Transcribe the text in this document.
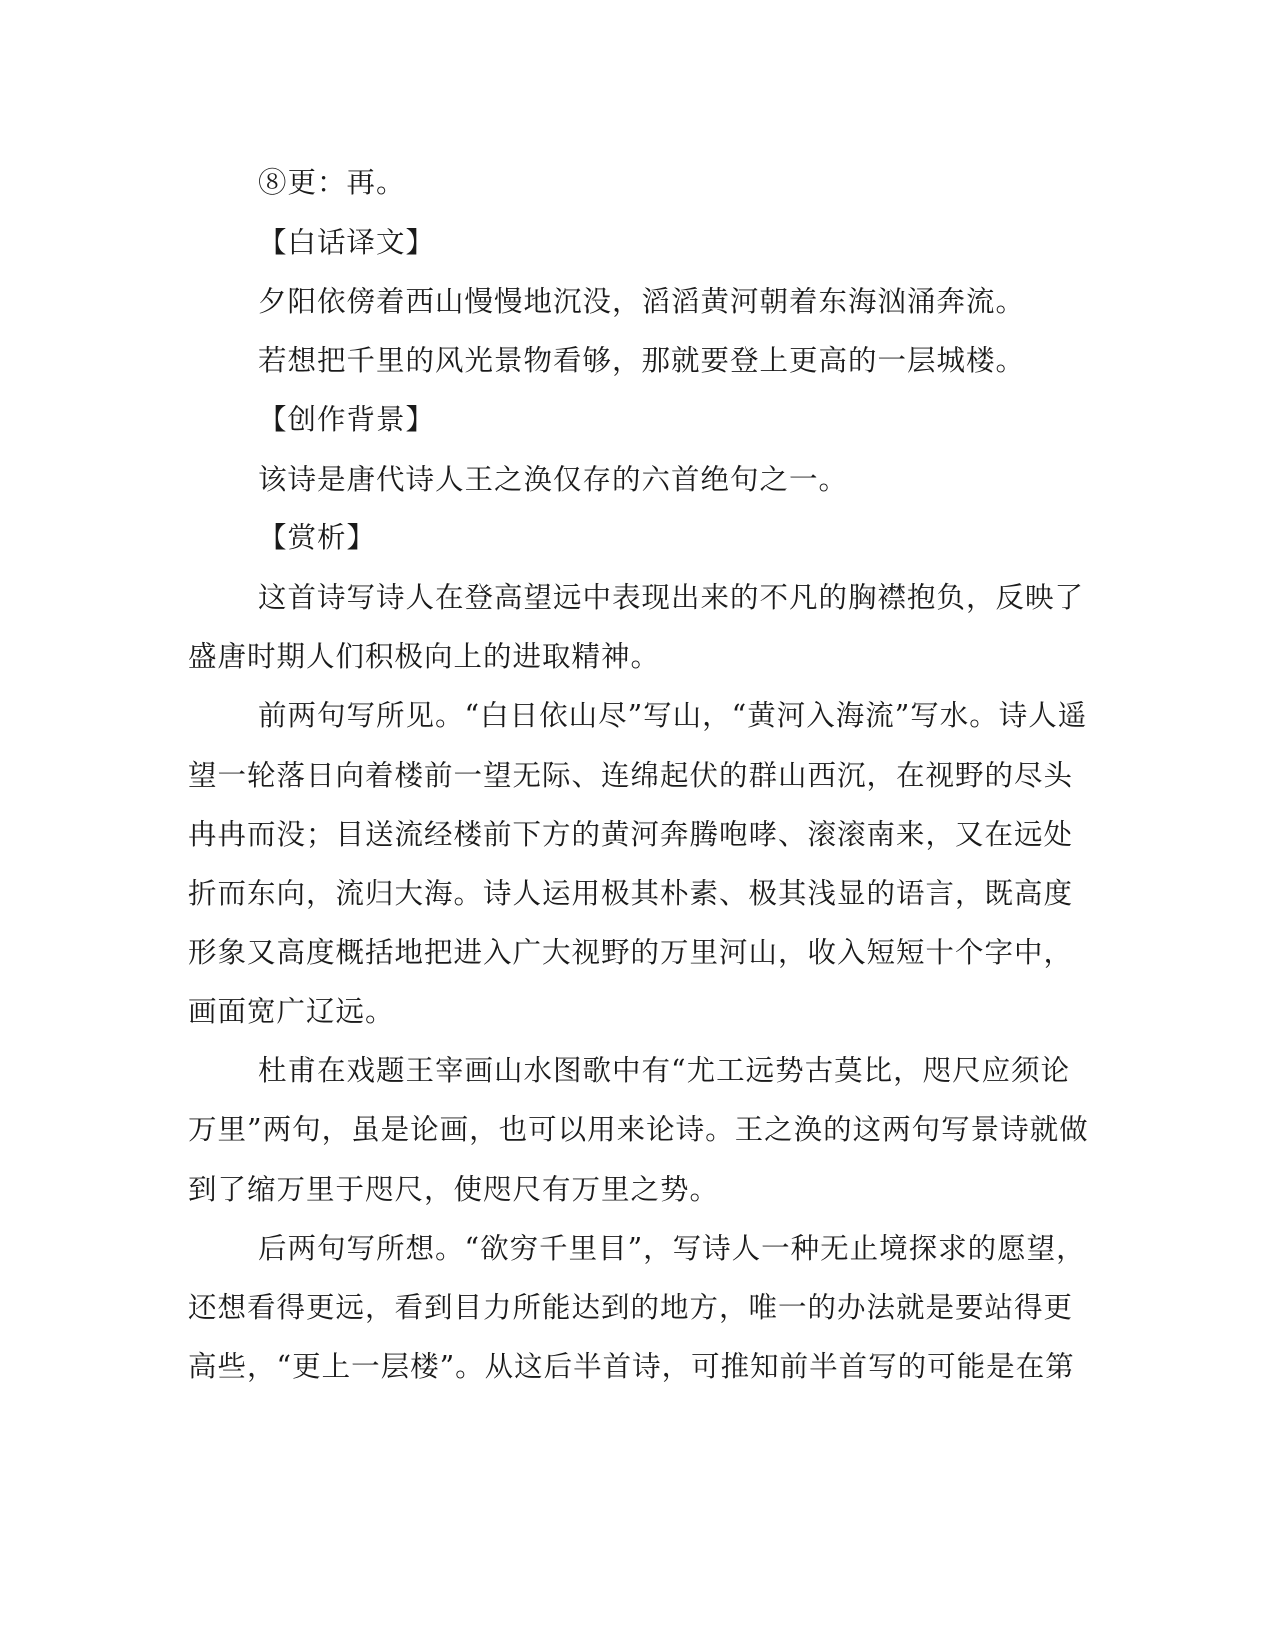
⑧更：再。
【白话译文】
夕阳依傍着西山慢慢地沉没，滔滔黄河朝着东海汹涌奔流。
若想把千里的风光景物看够，那就要登上更高的一层城楼。
【创作背景】
该诗是唐代诗人王之涣仅存的六首绝句之一。
【赏析】
这首诗写诗人在登高望远中表现出来的不凡的胸襟抱负，反映了
盛唐时期人们积极向上的进取精神。
前两句写所见。“白日依山尽”写山，“黄河入海流”写水。诗人遥
望一轮落日向着楼前一望无际、连绵起伏的群山西沉，在视野的尽头
冉冉而没；目送流经楼前下方的黄河奔腾咆哮、滚滚南来，又在远处
折而东向，流归大海。诗人运用极其朴素、极其浅显的语言，既高度
形象又高度概括地把进入广大视野的万里河山，收入短短十个字中，
画面宽广辽远。
杜甫在戏题王宰画山水图歌中有“尤工远势古莫比，咫尺应须论
万里”两句，虽是论画，也可以用来论诗。王之涣的这两句写景诗就做
到了缩万里于咫尺，使咫尺有万里之势。
后两句写所想。“欲穷千里目”，写诗人一种无止境探求的愿望，
还想看得更远，看到目力所能达到的地方，唯一的办法就是要站得更
高些，“更上一层楼”。从这后半首诗，可推知前半首写的可能是在第
